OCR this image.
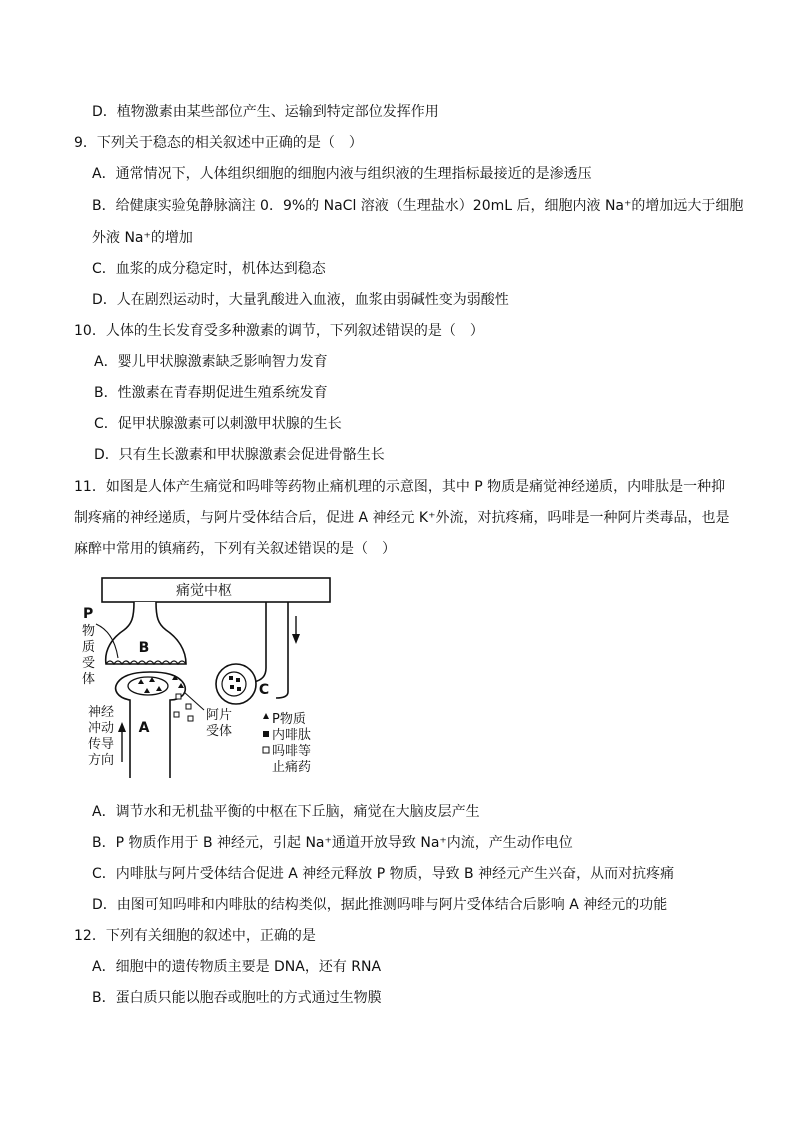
D．植物激素由某些部位产生、运输到特定部位发挥作用
9．下列关于稳态的相关叙述中正确的是（　）
A．通常情况下，人体组织细胞的细胞内液与组织液的生理指标最接近的是渗透压
B．给健康实验兔静脉滴注 0．9%的 NaCl 溶液（生理盐水）20mL 后，细胞内液 Na⁺的增加远大于细胞
外液 Na⁺的增加
C．血浆的成分稳定时，机体达到稳态
D．人在剧烈运动时，大量乳酸进入血液，血浆由弱碱性变为弱酸性
10．人体的生长发育受多种激素的调节，下列叙述错误的是（　）
A．婴儿甲状腺激素缺乏影响智力发育
B．性激素在青春期促进生殖系统发育
C．促甲状腺激素可以刺激甲状腺的生长
D．只有生长激素和甲状腺激素会促进骨骼生长
11．如图是人体产生痛觉和吗啡等药物止痛机理的示意图，其中 P 物质是痛觉神经递质，内啡肽是一种抑
制疼痛的神经递质，与阿片受体结合后，促进 A 神经元 K⁺外流，对抗疼痛，吗啡是一种阿片类毒品，也是
麻醉中常用的镇痛药，下列有关叙述错误的是（　）
痛觉中枢
B
P
物
质
受
体
A
阿片
受体
神经
冲动
传导
方向
C
P物质
内啡肽
吗啡等
止痛药
A．调节水和无机盐平衡的中枢在下丘脑，痛觉在大脑皮层产生
B．P 物质作用于 B 神经元，引起 Na⁺通道开放导致 Na⁺内流，产生动作电位
C．内啡肽与阿片受体结合促进 A 神经元释放 P 物质，导致 B 神经元产生兴奋，从而对抗疼痛
D．由图可知吗啡和内啡肽的结构类似，据此推测吗啡与阿片受体结合后影响 A 神经元的功能
12．下列有关细胞的叙述中，正确的是
A．细胞中的遗传物质主要是 DNA，还有 RNA
B．蛋白质只能以胞吞或胞吐的方式通过生物膜
